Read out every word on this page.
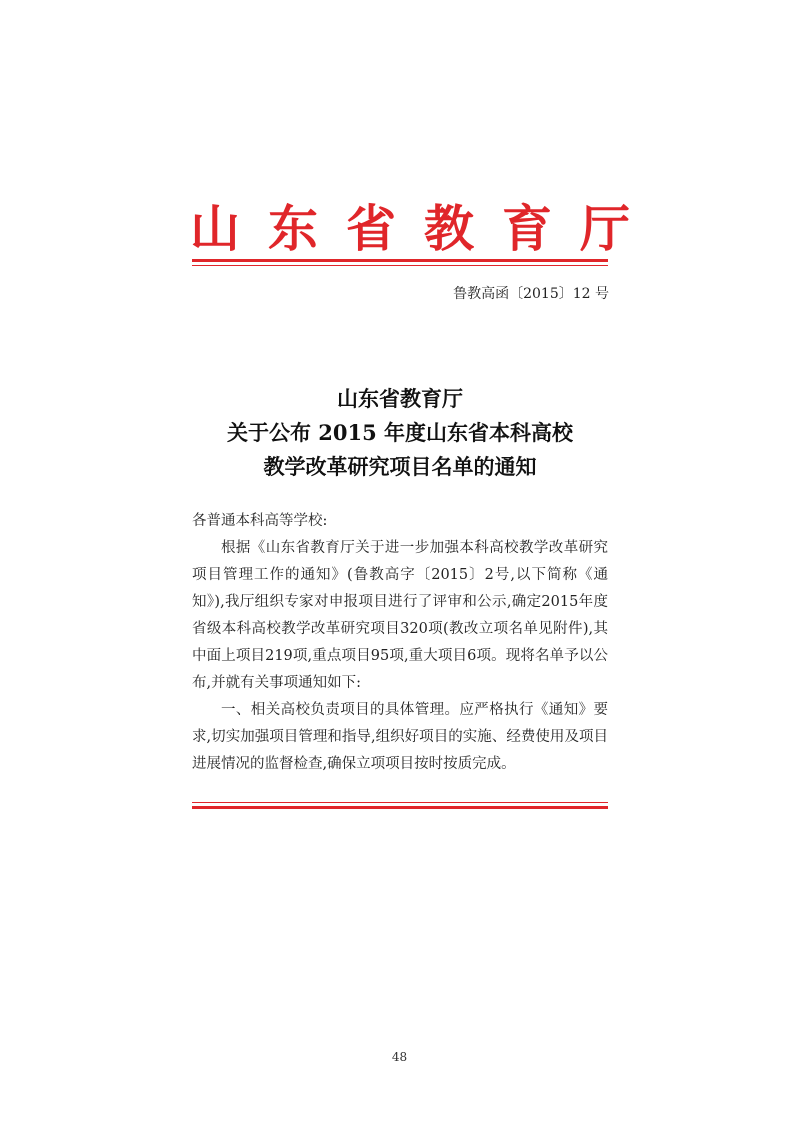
山东省教育厅
鲁教高函〔2015〕12 号
山东省教育厅
关于公布 2015 年度山东省本科高校
教学改革研究项目名单的通知

各普通本科高等学校:

根据《山东省教育厅关于进一步加强本科高校教学改革研究项目管理工作的通知》(鲁教高字〔2015〕2号,以下简称《通知》),我厅组织专家对申报项目进行了评审和公示,确定2015年度省级本科高校教学改革研究项目320项(教改立项名单见附件),其中面上项目219项,重点项目95项,重大项目6项。现将名单予以公布,并就有关事项通知如下:

一、相关高校负责项目的具体管理。应严格执行《通知》要求,切实加强项目管理和指导,组织好项目的实施、经费使用及项目进展情况的监督检查,确保立项项目按时按质完成。

48
